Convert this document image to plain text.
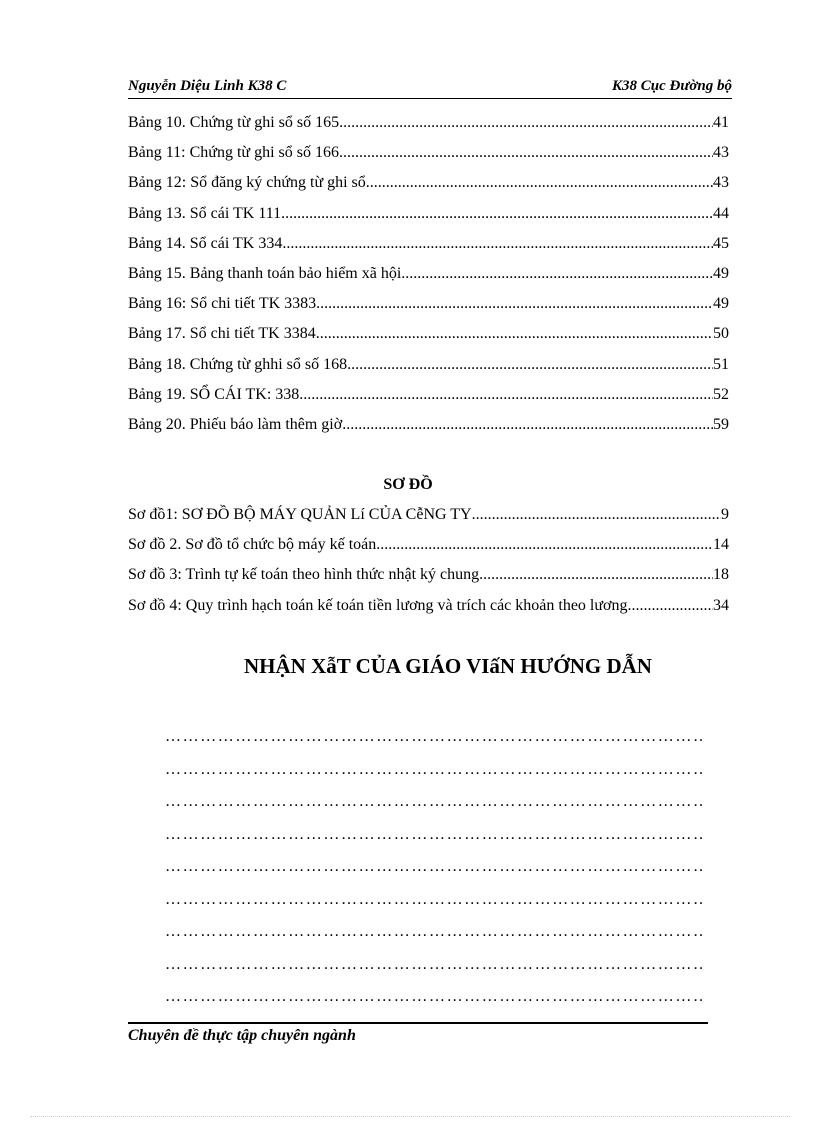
Nguyễn Diệu Linh K38 C	K38 Cục Đường bộ
Bảng 10. Chứng từ ghi sổ số 165 .....	41
Bảng 11: Chứng từ ghi sổ số 166 .....	43
Bảng 12: Sổ đăng ký chứng từ ghi sổ .....	43
Bảng 13. Sổ cái TK 111 .....	44
Bảng 14. Sổ cái TK 334 .....	45
Bảng 15. Bảng thanh toán bảo hiểm xã hội .....	49
Bảng 16: Sổ chi tiết TK 3383 .....	49
Bảng 17. Sổ chi tiết TK 3384 .....	50
Bảng 18. Chứng từ ghhi sổ số 168 .....	51
Bảng 19. SỔ CÁI TK: 338 .....	52
Bảng 20. Phiếu báo làm thêm giờ .....	59
SƠ ĐỒ
Sơ đồ1: SƠ ĐỒ BỘ MÁY QUẢN Lí CỦA CễNG TY .....	9
Sơ đồ 2. Sơ đồ tổ chức bộ máy kế toán .....	14
Sơ đồ 3: Trình tự kế toán theo hình thức nhật ký chung. .....	18
Sơ đồ 4: Quy trình hạch toán kế toán tiền lương và trích các khoản theo lương .....	34
NHẬN XẫT CỦA GIÁO VIấN HƯỚNG DẪN
……………………………………………………………………………………………………………
……………………………………………………………………………………………………………
……………………………………………………………………………………………………………
……………………………………………………………………………………………………………
……………………………………………………………………………………………………………
……………………………………………………………………………………………………………
……………………………………………………………………………………………………………
……………………………………………………………………………………………………………
……………………………………………………………………………………………………………
Chuyên đề thực tập chuyên ngành
